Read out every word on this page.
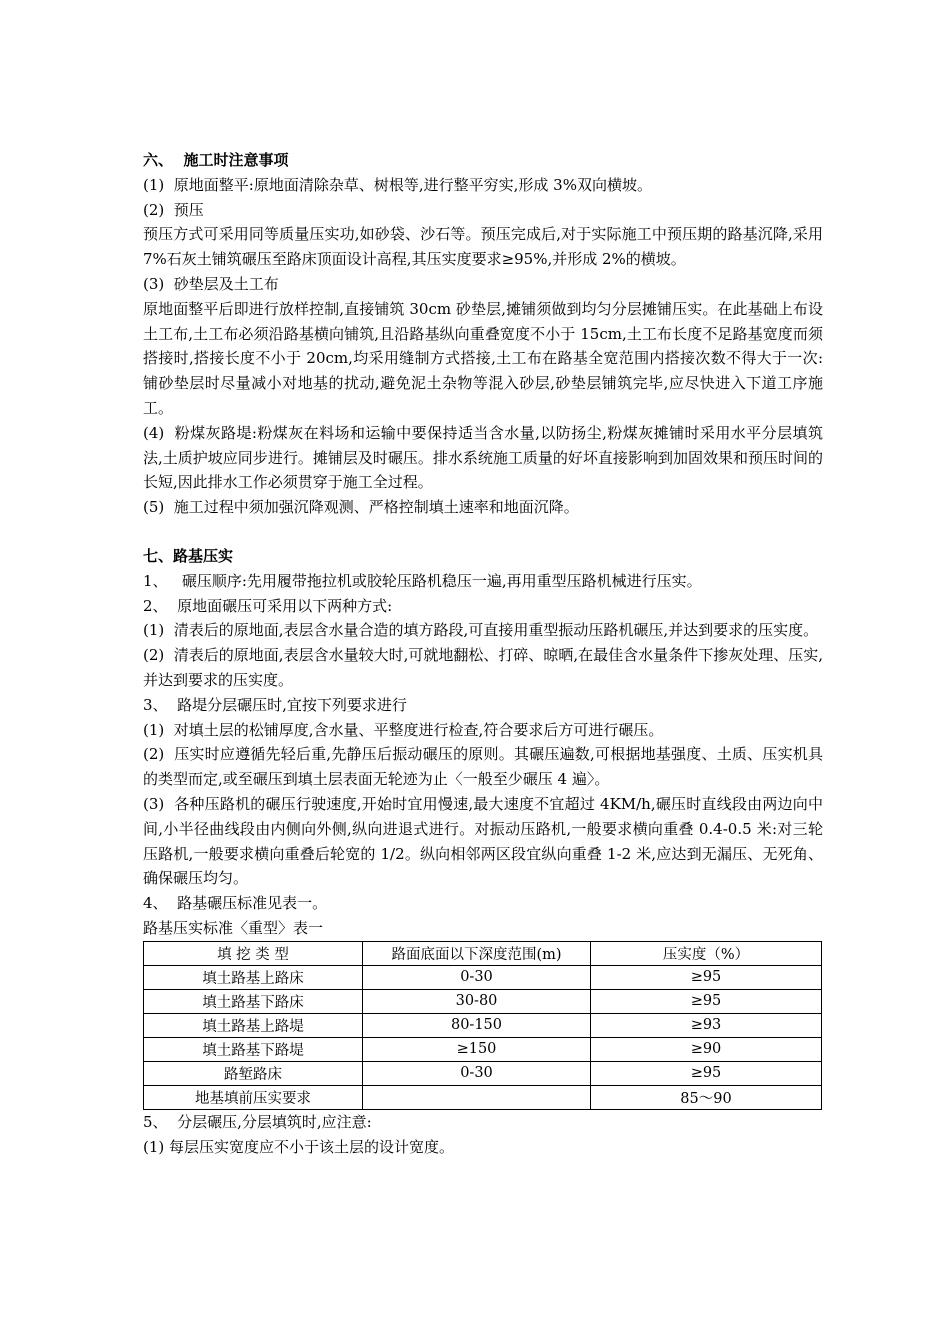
六、  施工时注意事项

(1)  原地面整平:原地面清除杂草、树根等,进行整平穷实,形成 3%双向横坡。

(2)  预压

预压方式可采用同等质量压实功,如砂袋、沙石等。预压完成后,对于实际施工中预压期的路基沉降,采用 7%石灰土铺筑碾压至路床顶面设计高程,其压实度要求≥95%,并形成 2%的横坡。

(3)  砂垫层及土工布

原地面整平后即进行放样控制,直接铺筑 30cm 砂垫层,摊铺须做到均匀分层摊铺压实。在此基础上布设土工布,土工布必须沿路基横向铺筑,且沿路基纵向重叠宽度不小于 15cm,土工布长度不足路基宽度而须搭接时,搭接长度不小于 20cm,均采用缝制方式搭接,土工布在路基全宽范围内搭接次数不得大于一次:铺砂垫层时尽量减小对地基的扰动,避免泥土杂物等混入砂层,砂垫层铺筑完毕,应尽快进入下道工序施工。

(4)  粉煤灰路堤:粉煤灰在料场和运输中要保持适当含水量,以防扬尘,粉煤灰摊铺时采用水平分层填筑法,土质护坡应同步进行。摊铺层及时碾压。排水系统施工质量的好坏直接影响到加固效果和预压时间的长短,因此排水工作必须贯穿于施工全过程。

(5)  施工过程中须加强沉降观测、严格控制填土速率和地面沉降。

七、路基压实

1、   碾压顺序:先用履带拖拉机或胶轮压路机稳压一遍,再用重型压路机械进行压实。

2、  原地面碾压可采用以下两种方式:

(1)  清表后的原地面,表层含水量合造的填方路段,可直接用重型振动压路机碾压,并达到要求的压实度。

(2)  清表后的原地面,表层含水量较大时,可就地翻松、打碎、晾晒,在最佳含水量条件下掺灰处理、压实,并达到要求的压实度。

3、  路堤分层碾压时,宜按下列要求进行

(1)  对填土层的松铺厚度,含水量、平整度进行检查,符合要求后方可进行碾压。

(2)  压实时应遵循先轻后重,先静压后振动碾压的原则。其碾压遍数,可根据地基强度、土质、压实机具的类型而定,或至碾压到填土层表面无轮迹为止〈一般至少碾压 4 遍〉。

(3)  各种压路机的碾压行驶速度,开始时宜用慢速,最大速度不宜超过 4KM/h,碾压时直线段由两边向中间,小半径曲线段由内侧向外侧,纵向进退式进行。对振动压路机,一般要求横向重叠 0.4-0.5 米:对三轮压路机,一般要求横向重叠后轮宽的 1/2。纵向相邻两区段宜纵向重叠 1-2 米,应达到无漏压、无死角、确保碾压均匀。

4、  路基碾压标准见表一。

路基压实标准〈重型〉表一

填 挖 类 型	路面底面以下深度范围(m)	压实度（%）
填土路基上路床	0-30	≥95
填土路基下路床	30-80	≥95
填土路基上路堤	80-150	≥93
填土路基下路堤	≥150	≥90
路堑路床	0-30	≥95
地基填前压实要求		85～90

5、  分层碾压,分层填筑时,应注意:

(1) 每层压实宽度应不小于该土层的设计宽度。
